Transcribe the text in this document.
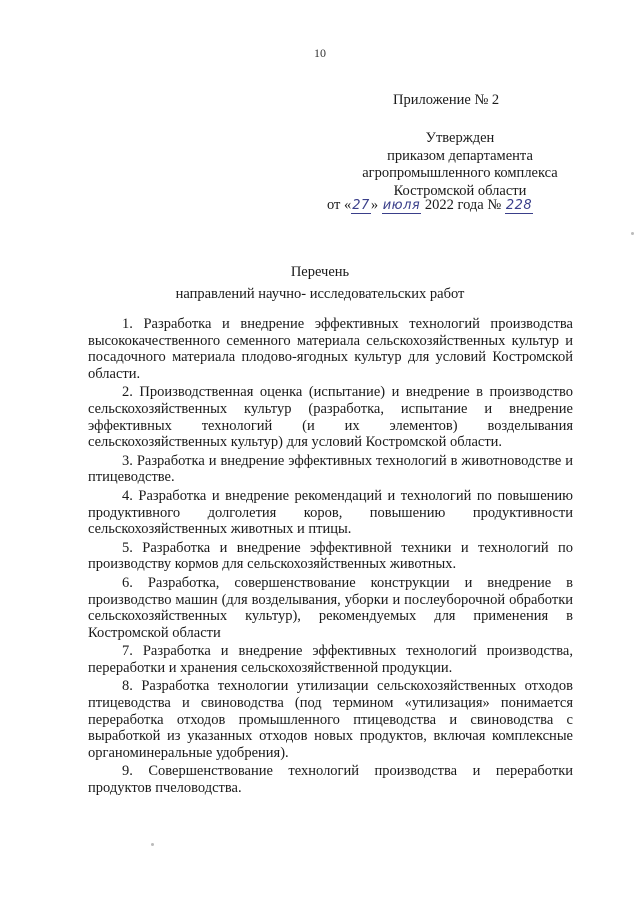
10
Приложение № 2
Утвержден
приказом департамента
агропромышленного комплекса
Костромской области
от «27» июля 2022 года № 228
Перечень
направлений научно- исследовательских работ

1. Разработка и внедрение эффективных технологий производства высококачественного семенного материала сельскохозяйственных культур и посадочного материала плодово-ягодных культур для условий Костромской области.

2. Производственная оценка (испытание) и внедрение в производство сельскохозяйственных культур (разработка, испытание и внедрение эффективных технологий (и их элементов) возделывания сельскохозяйственных культур) для условий Костромской области.

3. Разработка и внедрение эффективных технологий в животноводстве и птицеводстве.

4. Разработка и внедрение рекомендаций и технологий по повышению продуктивного долголетия коров, повышению продуктивности сельскохозяйственных животных и птицы.

5. Разработка и внедрение эффективной техники и технологий по производству кормов для сельскохозяйственных животных.

6. Разработка, совершенствование конструкции и внедрение в производство машин (для возделывания, уборки и послеуборочной обработки сельскохозяйственных культур), рекомендуемых для применения в Костромской области

7. Разработка и внедрение эффективных технологий производства, переработки и хранения сельскохозяйственной продукции.

8. Разработка технологии утилизации сельскохозяйственных отходов птицеводства и свиноводства (под термином «утилизация» понимается переработка отходов промышленного птицеводства и свиноводства с выработкой из указанных отходов новых продуктов, включая комплексные органоминеральные удобрения).

9. Совершенствование технологий производства и переработки продуктов пчеловодства.
